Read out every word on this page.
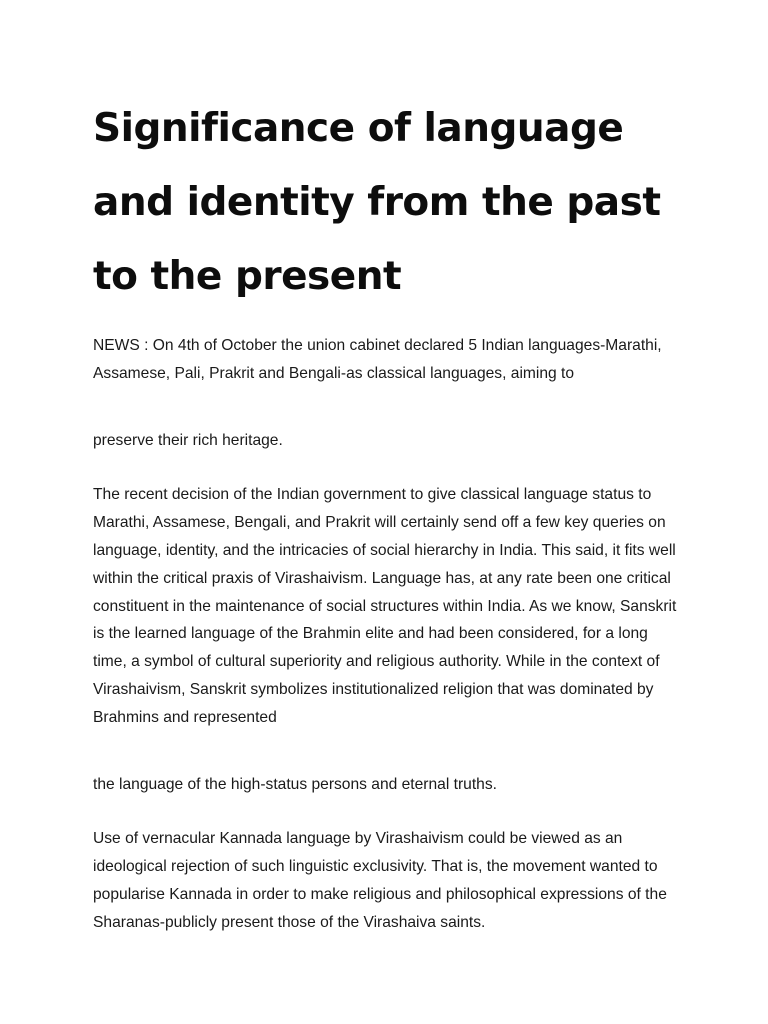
Significance of language and identity from the past to the present

NEWS : On 4th of October the union cabinet declared 5 Indian languages-Marathi, Assamese, Pali, Prakrit and Bengali-as classical languages, aiming to

preserve their rich heritage.

The recent decision of the Indian government to give classical language status to Marathi, Assamese, Bengali, and Prakrit will certainly send off a few key queries on language, identity, and the intricacies of social hierarchy in India. This said, it fits well within the critical praxis of Virashaivism. Language has, at any rate been one critical constituent in the maintenance of social structures within India. As we know, Sanskrit is the learned language of the Brahmin elite and had been considered, for a long time, a symbol of cultural superiority and religious authority. While in the context of Virashaivism, Sanskrit symbolizes institutionalized religion that was dominated by Brahmins and represented

the language of the high-status persons and eternal truths.

Use of vernacular Kannada language by Virashaivism could be viewed as an ideological rejection of such linguistic exclusivity. That is, the movement wanted to popularise Kannada in order to make religious and philosophical expressions of the Sharanas-publicly present those of the Virashaiva saints.
